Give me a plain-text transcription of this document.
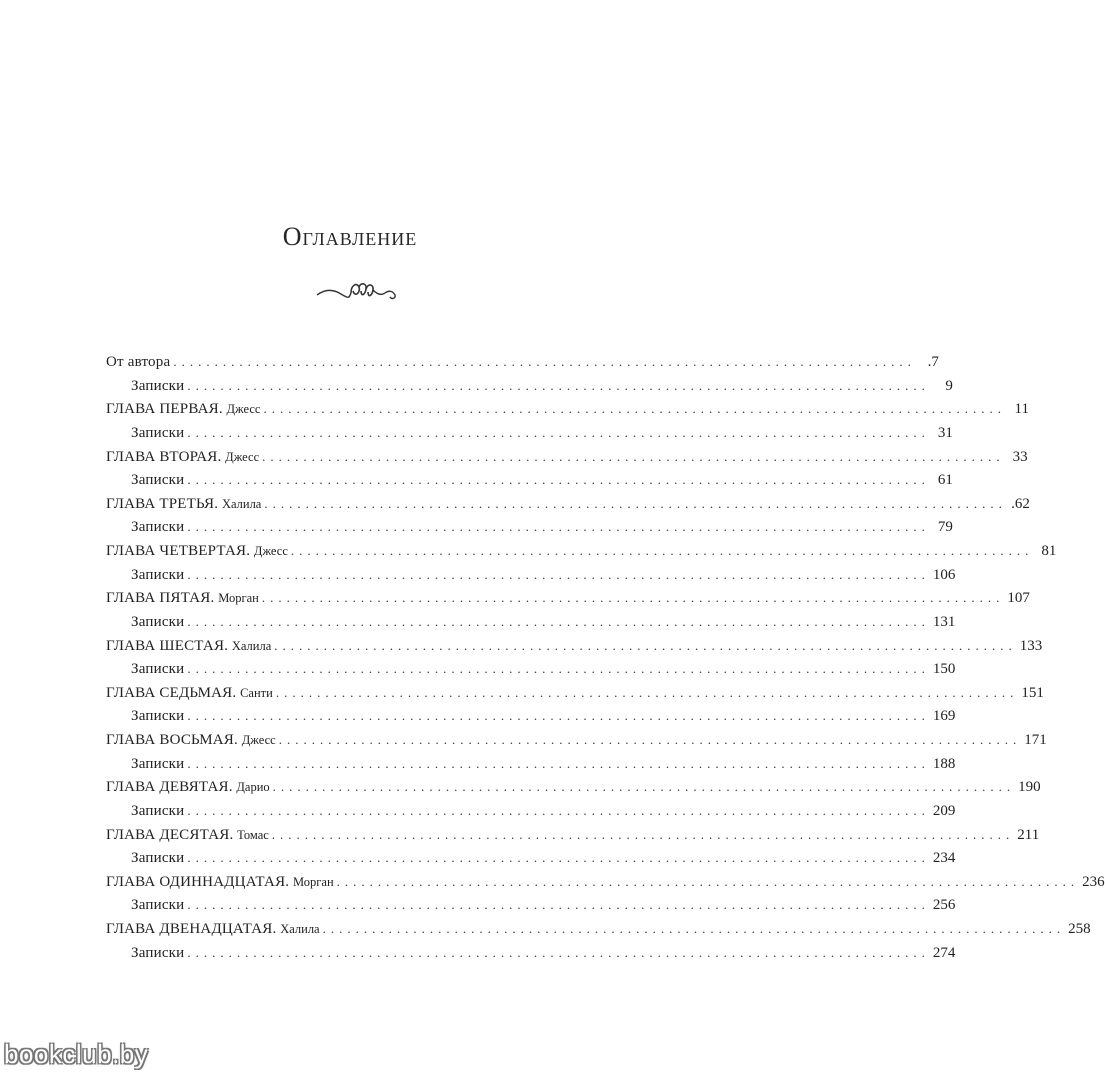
Оглавление
От автора .......................................................................................... .7
Записки ..........................................................................................	9
ГЛАВА ПЕРВАЯ.
Джесс .......................................................................................... 11
Записки .......................................................................................... 31
ГЛАВА ВТОРАЯ.
Джесс .......................................................................................... 33
Записки .......................................................................................... 61
ГЛАВА ТРЕТЬЯ.
Халила .......................................................................................... .62
Записки .......................................................................................... 79
ГЛАВА ЧЕТВЕРТАЯ.
Джесс .......................................................................................... 81
Записки .......................................................................................... 106
ГЛАВА ПЯТАЯ.
Морган .......................................................................................... 107
Записки .......................................................................................... 131
ГЛАВА ШЕСТАЯ.
Халила .......................................................................................... 133
Записки .......................................................................................... 150
ГЛАВА СЕДЬМАЯ.
Санти .......................................................................................... 151
Записки .......................................................................................... 169
ГЛАВА ВОСЬМАЯ.
Джесс .......................................................................................... 171
Записки .......................................................................................... 188
ГЛАВА ДЕВЯТАЯ.
Дарио .......................................................................................... 190
Записки .......................................................................................... 209
ГЛАВА ДЕСЯТАЯ.
Томас .......................................................................................... 211
Записки .......................................................................................... 234
ГЛАВА ОДИННАДЦАТАЯ.
Морган .......................................................................................... 236
Записки .......................................................................................... 256
ГЛАВА ДВЕНАДЦАТАЯ.
Халила .......................................................................................... 258
Записки .......................................................................................... 274
bookclub.by
